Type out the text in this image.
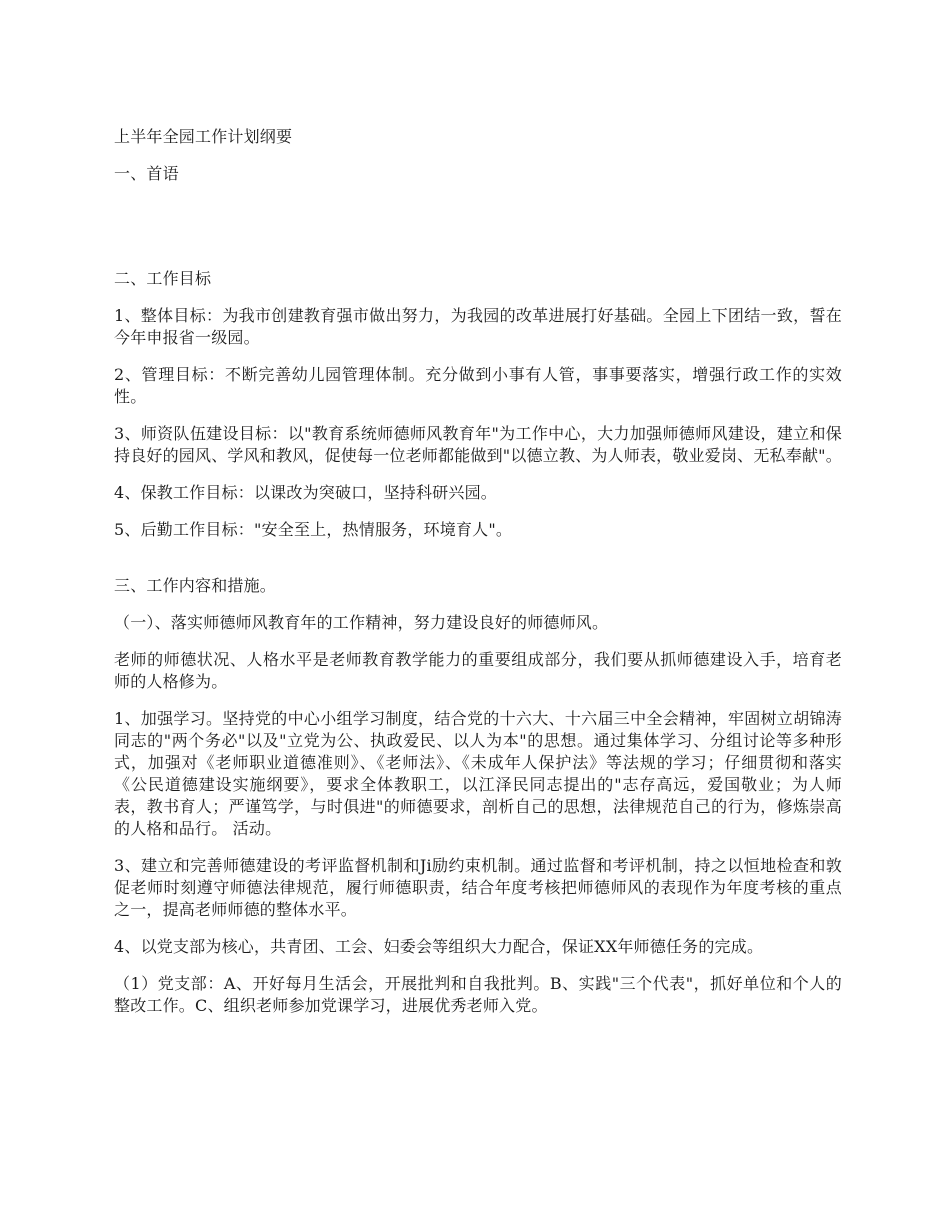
上半年全园工作计划纲要

一、首语

二、工作目标

1、整体目标：为我市创建教育强市做出努力，为我园的改革进展打好基础。全园上下团结一致，誓在今年申报省一级园。

2、管理目标：不断完善幼儿园管理体制。充分做到小事有人管，事事要落实，增强行政工作的实效性。

3、师资队伍建设目标：以"教育系统师德师风教育年"为工作中心，大力加强师德师风建设，建立和保持良好的园风、学风和教风，促使每一位老师都能做到"以德立教、为人师表，敬业爱岗、无私奉献"。

4、保教工作目标：以课改为突破口，坚持科研兴园。

5、后勤工作目标："安全至上，热情服务，环境育人"。

三、工作内容和措施。

（一）、落实师德师风教育年的工作精神，努力建设良好的师德师风。

老师的师德状况、人格水平是老师教育教学能力的重要组成部分，我们要从抓师德建设入手，培育老师的人格修为。

1、加强学习。坚持党的中心小组学习制度，结合党的十六大、十六届三中全会精神，牢固树立胡锦涛同志的"两个务必"以及"立党为公、执政爱民、以人为本"的思想。通过集体学习、分组讨论等多种形式，加强对《老师职业道德准则》、《老师法》、《未成年人保护法》等法规的学习；仔细贯彻和落实《公民道德建设实施纲要》，要求全体教职工，以江泽民同志提出的"志存高远，爱国敬业；为人师表，教书育人；严谨笃学，与时俱进"的师德要求，剖析自己的思想，法律规范自己的行为，修炼崇高的人格和品行。 活动。

3、建立和完善师德建设的考评监督机制和Ji励约束机制。通过监督和考评机制，持之以恒地检查和敦促老师时刻遵守师德法律规范，履行师德职责，结合年度考核把师德师风的表现作为年度考核的重点之一，提高老师师德的整体水平。

4、以党支部为核心，共青团、工会、妇委会等组织大力配合，保证XX年师德任务的完成。

（1）党支部：A、开好每月生活会，开展批判和自我批判。B、实践"三个代表"，抓好单位和个人的整改工作。C、组织老师参加党课学习，进展优秀老师入党。
